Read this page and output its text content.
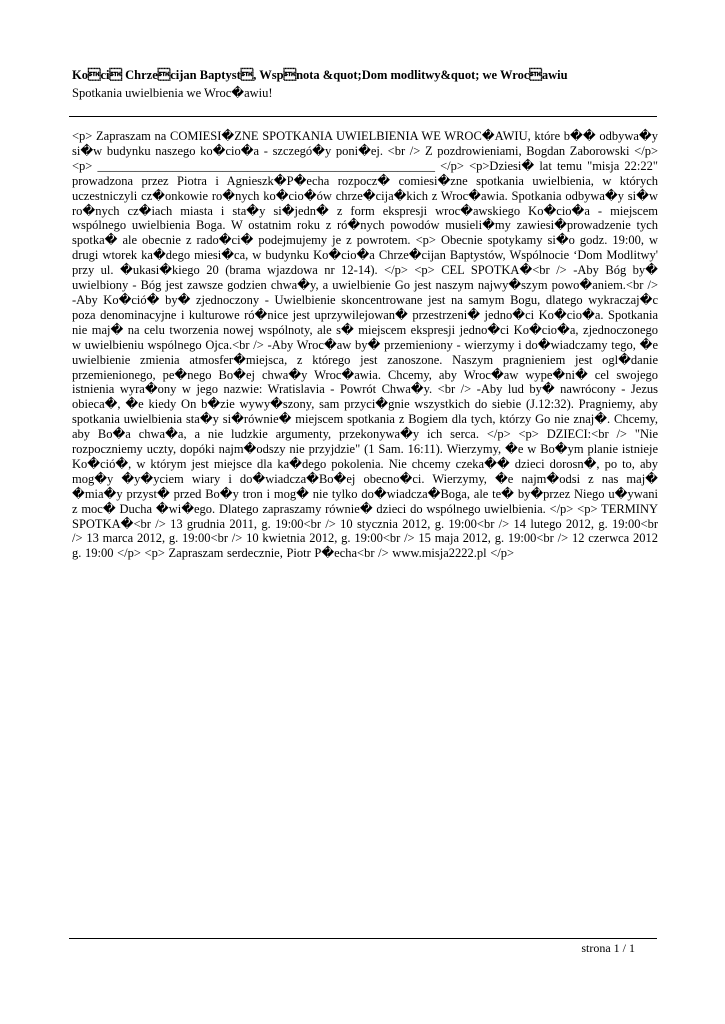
Koci Chrzecijan Baptyst, Wspnota &quot;Dom modlitwy&quot; we Wrocawiu
Spotkania uwielbienia we Wroc�awiu!
<p> Zapraszam na COMIESI�ZNE SPOTKANIA UWIELBIENIA WE WROC�AWIU, które b�� odbywa�y si�w budynku naszego ko�cio�a - szczegó�y poni�ej. <br /> Z pozdrowieniami, Bogdan Zaborowski </p> <p> ______________________________________________________ </p> <p>Dziesi� lat temu "misja 22:22" prowadzona przez Piotra i Agnieszk�P�echa rozpocz� comiesi�zne spotkania uwielbienia, w których uczestniczyli cz�onkowie ro�nych ko�cio�ów chrze�cija�kich z Wroc�awia. Spotkania odbywa�y si�w ro�nych cz�iach miasta i sta�y si�jedn� z form ekspresji wroc�awskiego Ko�cio�a - miejscem wspólnego uwielbienia Boga. W ostatnim roku z ró�nych powodów musieli�my zawiesi�prowadzenie tych spotka� ale obecnie z rado�ci� podejmujemy je z powrotem. <p> Obecnie spotykamy si�o godz. 19:00, w drugi wtorek ka�dego miesi�ca, w budynku Ko�cio�a Chrze�cijan Baptystów, Wspólnocie ‘Dom Modlitwy' przy ul. �ukasi�kiego 20 (brama wjazdowa nr 12-14). </p> <p> CEL SPOTKA�<br /> -Aby Bóg by� uwielbiony - Bóg jest zawsze godzien chwa�y, a uwielbienie Go jest naszym najwy�szym powo�aniem.<br /> -Aby Ko�ció� by� zjednoczony - Uwielbienie skoncentrowane jest na samym Bogu, dlatego wykraczaj�c poza denominacyjne i kulturowe ró�nice jest uprzywilejowan� przestrzeni� jedno�ci Ko�cio�a. Spotkania nie maj� na celu tworzenia nowej wspólnoty, ale s� miejscem ekspresji jedno�ci Ko�cio�a, zjednoczonego w uwielbieniu wspólnego Ojca.<br /> -Aby Wroc�aw by� przemieniony - wierzymy i do�wiadczamy tego, �e uwielbienie zmienia atmosfer�miejsca, z którego jest zanoszone. Naszym pragnieniem jest ogl�danie przemienionego, pe�nego Bo�ej chwa�y Wroc�awia. Chcemy, aby Wroc�aw wype�ni� cel swojego istnienia wyra�ony w jego nazwie: Wratislavia - Powrót Chwa�y. <br /> -Aby lud by� nawrócony - Jezus obieca�, �e kiedy On b�zie wywy�szony, sam przyci�gnie wszystkich do siebie (J.12:32). Pragniemy, aby spotkania uwielbienia sta�y si�równie� miejscem spotkania z Bogiem dla tych, którzy Go nie znaj�. Chcemy, aby Bo�a chwa�a, a nie ludzkie argumenty, przekonywa�y ich serca. </p> <p> DZIECI:<br /> "Nie rozpoczniemy uczty, dopóki najm�odszy nie przyjdzie" (1 Sam. 16:11). Wierzymy, �e w Bo�ym planie istnieje Ko�ció�, w którym jest miejsce dla ka�dego pokolenia. Nie chcemy czeka�� dzieci dorosn�, po to, aby mog�y �y�yciem wiary i do�wiadcza�Bo�ej obecno�ci. Wierzymy, �e najm�odsi z nas maj� �mia�y przyst� przed Bo�y tron i mog� nie tylko do�wiadcza�Boga, ale te� by�przez Niego u�ywani z moc� Ducha �wi�ego. Dlatego zapraszamy równie� dzieci do wspólnego uwielbienia. </p> <p> TERMINY SPOTKA�<br /> 13 grudnia 2011, g. 19:00<br /> 10 stycznia 2012, g. 19:00<br /> 14 lutego 2012, g. 19:00<br /> 13 marca 2012, g. 19:00<br /> 10 kwietnia 2012, g. 19:00<br /> 15 maja 2012, g. 19:00<br /> 12 czerwca 2012 g. 19:00 </p> <p> Zapraszam serdecznie, Piotr P�echa<br /> www.misja2222.pl </p>
strona 1 / 1
